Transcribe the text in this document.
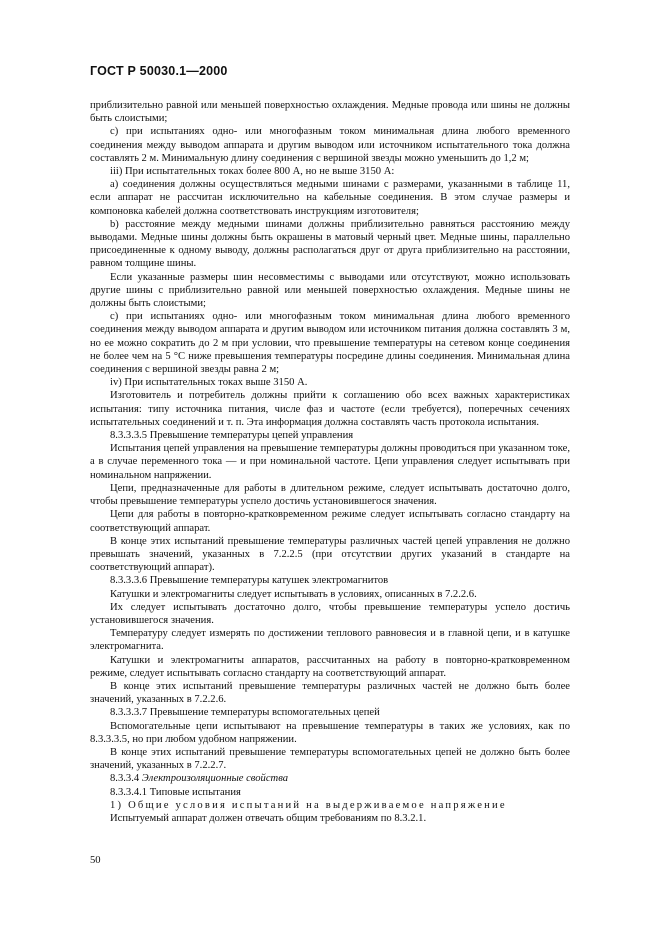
ГОСТ Р 50030.1—2000

приблизительно равной или меньшей поверхностью охлаждения. Медные провода или шины не должны быть слоистыми;

c) при испытаниях одно- или многофазным током минимальная длина любого временного соединения между выводом аппарата и другим выводом или источником испытательного тока должна составлять 2 м. Минимальную длину соединения с вершиной звезды можно уменьшить до 1,2 м;

iii) При испытательных токах более 800 А, но не выше 3150 А:

a) соединения должны осуществляться медными шинами с размерами, указанными в таблице 11, если аппарат не рассчитан исключительно на кабельные соединения. В этом случае размеры и компоновка кабелей должна соответствовать инструкциям изготовителя;

b) расстояние между медными шинами должны приблизительно равняться расстоянию между выводами. Медные шины должны быть окрашены в матовый черный цвет. Медные шины, параллельно присоединенные к одному выводу, должны располагаться друг от друга приблизительно на расстоянии, равном толщине шины.

Если указанные размеры шин несовместимы с выводами или отсутствуют, можно использовать другие шины с приблизительно равной или меньшей поверхностью охлаждения. Медные шины не должны быть слоистыми;

c) при испытаниях одно- или многофазным током минимальная длина любого временного соединения между выводом аппарата и другим выводом или источником питания должна составлять 3 м, но ее можно сократить до 2 м при условии, что превышение температуры на сетевом конце соединения не более чем на 5 °С ниже превышения температуры посредине длины соединения. Минимальная длина соединения с вершиной звезды равна 2 м;

iv) При испытательных токах выше 3150 А.

Изготовитель и потребитель должны прийти к соглашению обо всех важных характеристиках испытания: типу источника питания, числе фаз и частоте (если требуется), поперечных сечениях испытательных соединений и т. п. Эта информация должна составлять часть протокола испытания.

8.3.3.3.5 Превышение температуры цепей управления

Испытания цепей управления на превышение температуры должны проводиться при указанном токе, а в случае переменного тока — и при номинальной частоте. Цепи управления следует испытывать при номинальном напряжении.

Цепи, предназначенные для работы в длительном режиме, следует испытывать достаточно долго, чтобы превышение температуры успело достичь установившегося значения.

Цепи для работы в повторно-кратковременном режиме следует испытывать согласно стандарту на соответствующий аппарат.

В конце этих испытаний превышение температуры различных частей цепей управления не должно превышать значений, указанных в 7.2.2.5 (при отсутствии других указаний в стандарте на соответствующий аппарат).

8.3.3.3.6 Превышение температуры катушек электромагнитов

Катушки и электромагниты следует испытывать в условиях, описанных в 7.2.2.6.

Их следует испытывать достаточно долго, чтобы превышение температуры успело достичь установившегося значения.

Температуру следует измерять по достижении теплового равновесия и в главной цепи, и в катушке электромагнита.

Катушки и электромагниты аппаратов, рассчитанных на работу в повторно-кратковременном режиме, следует испытывать согласно стандарту на соответствующий аппарат.

В конце этих испытаний превышение температуры различных частей не должно быть более значений, указанных в 7.2.2.6.

8.3.3.3.7 Превышение температуры вспомогательных цепей

Вспомогательные цепи испытывают на превышение температуры в таких же условиях, как по 8.3.3.3.5, но при любом удобном напряжении.

В конце этих испытаний превышение температуры вспомогательных цепей не должно быть более значений, указанных в 7.2.2.7.

8.3.3.4 Электроизоляционные свойства

8.3.3.4.1 Типовые испытания

1) Общие условия испытаний на выдерживаемое напряжение

Испытуемый аппарат должен отвечать общим требованиям по 8.3.2.1.

50
